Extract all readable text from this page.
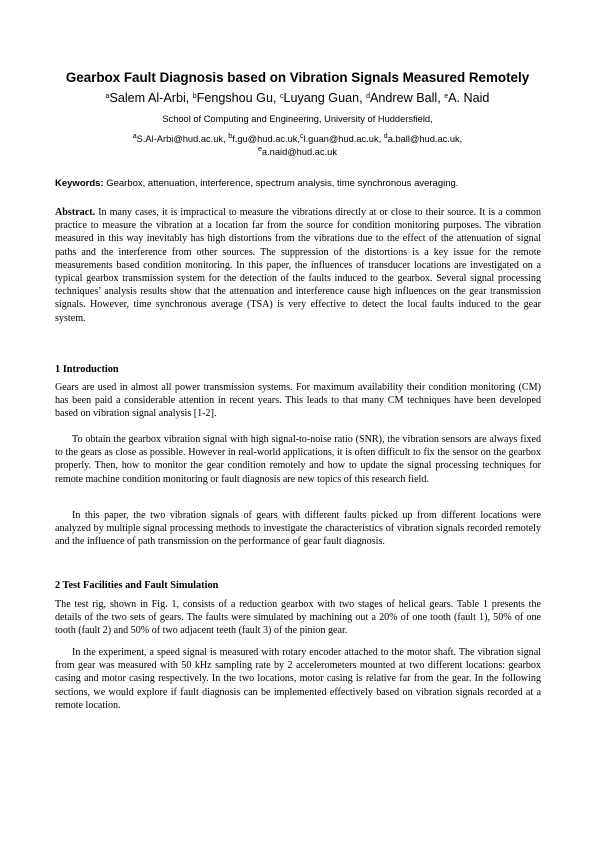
Gearbox Fault Diagnosis based on Vibration Signals Measured Remotely
$^a$Salem Al-Arbi, $^b$Fengshou Gu, $^c$Luyang Guan, $^d$Andrew Ball, $^e$A. Naid
School of Computing and Engineering, University of Huddersfield,
$^a$S.Al-Arbi@hud.ac.uk, $^b$f.gu@hud.ac.uk,$^c$l.guan@hud.ac.uk, $^d$a.ball@hud.ac.uk,
$^e$a.naid@hud.ac.uk
Keywords: Gearbox, attenuation, interference, spectrum analysis, time synchronous averaging.

Abstract. In many cases, it is impractical to measure the vibrations directly at or close to their source. It is a common practice to measure the vibration at a location far from the source for condition monitoring purposes. The vibration measured in this way inevitably has high distortions from the vibrations due to the effect of the attenuation of signal paths and the interference from other sources. The suppression of the distortions is a key issue for the remote measurements based condition monitoring. In this paper, the influences of transducer locations are investigated on a typical gearbox transmission system for the detection of the faults induced to the gearbox. Several signal processing techniques’ analysis results show that the attenuation and interference cause high influences on the gear transmission signals. However, time synchronous average (TSA) is very effective to detect the local faults induced to the gear system.

1 Introduction

Gears are used in almost all power transmission systems. For maximum availability their condition monitoring (CM) has been paid a considerable attention in recent years. This leads to that many CM techniques have been developed based on vibration signal analysis [1-2].

To obtain the gearbox vibration signal with high signal-to-noise ratio (SNR), the vibration sensors are always fixed to the gears as close as possible. However in real-world applications, it is often difficult to fix the sensor on the gearbox properly. Then, how to monitor the gear condition remotely and how to update the signal processing techniques for remote machine condition monitoring or fault diagnosis are new topics of this research field.

In this paper, the two vibration signals of gears with different faults picked up from different locations were analyzed by multiple signal processing methods to investigate the characteristics of vibration signals recorded remotely and the influence of path transmission on the performance of gear fault diagnosis.

2 Test Facilities and Fault Simulation

The test rig, shown in Fig. 1, consists of a reduction gearbox with two stages of helical gears. Table 1 presents the details of the two sets of gears. The faults were simulated by machining out a 20% of one tooth (fault 1), 50% of one tooth (fault 2) and 50% of two adjacent teeth (fault 3) of the pinion gear.

In the experiment, a speed signal is measured with rotary encoder attached to the motor shaft. The vibration signal from gear was measured with 50 kHz sampling rate by 2 accelerometers mounted at two different locations: gearbox casing and motor casing respectively. In the two locations, motor casing is relative far from the gear. In the following sections, we would explore if fault diagnosis can be implemented effectively based on vibration signals recorded at a remote location.
